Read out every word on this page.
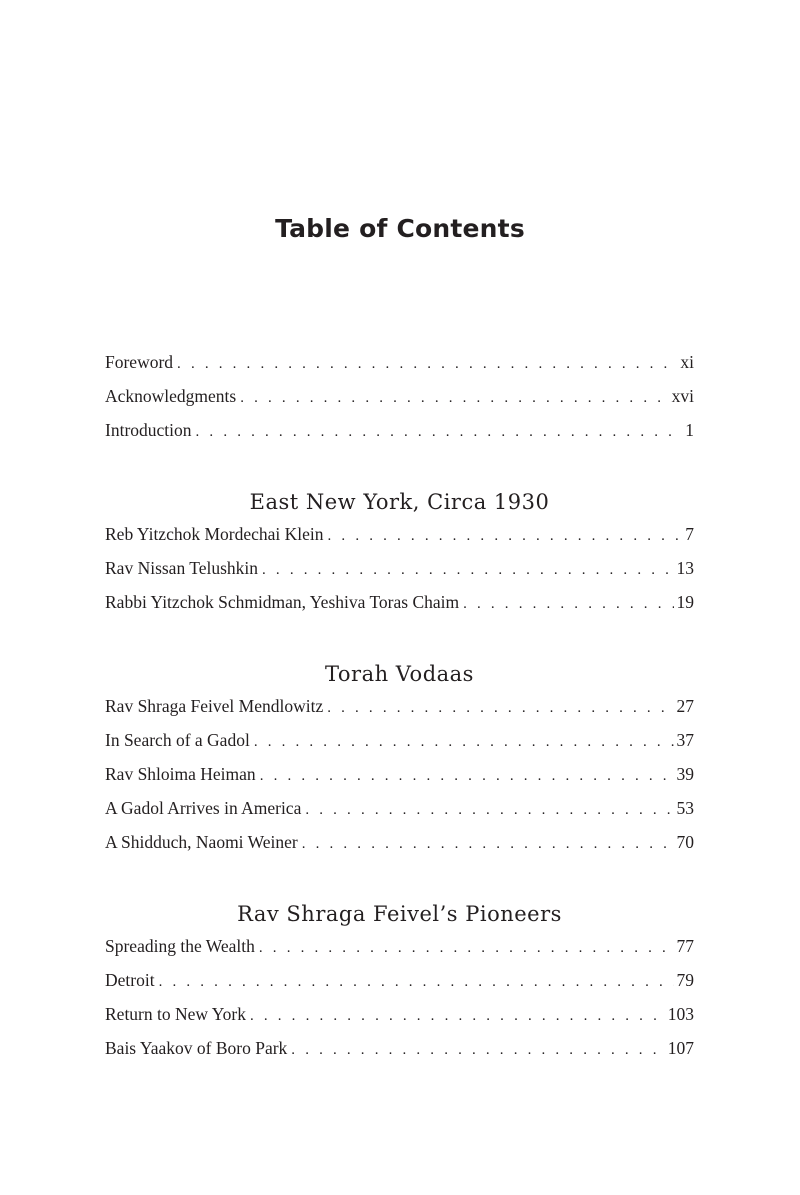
Table of Contents
Foreword . . .	xi
Acknowledgments . . .	xvi
Introduction . . .	1
East New York, Circa 1930
Reb Yitzchok Mordechai Klein . . .	7
Rav Nissan Telushkin . . .	13
Rabbi Yitzchok Schmidman, Yeshiva Toras Chaim . . .	19
Torah Vodaas
Rav Shraga Feivel Mendlowitz . . .	27
In Search of a Gadol . . .	37
Rav Shloima Heiman . . .	39
A Gadol Arrives in America . . .	53
A Shidduch, Naomi Weiner . . .	70
Rav Shraga Feivel’s Pioneers
Spreading the Wealth . . .	77
Detroit . . .	79
Return to New York . . .	103
Bais Yaakov of Boro Park . . .	107
